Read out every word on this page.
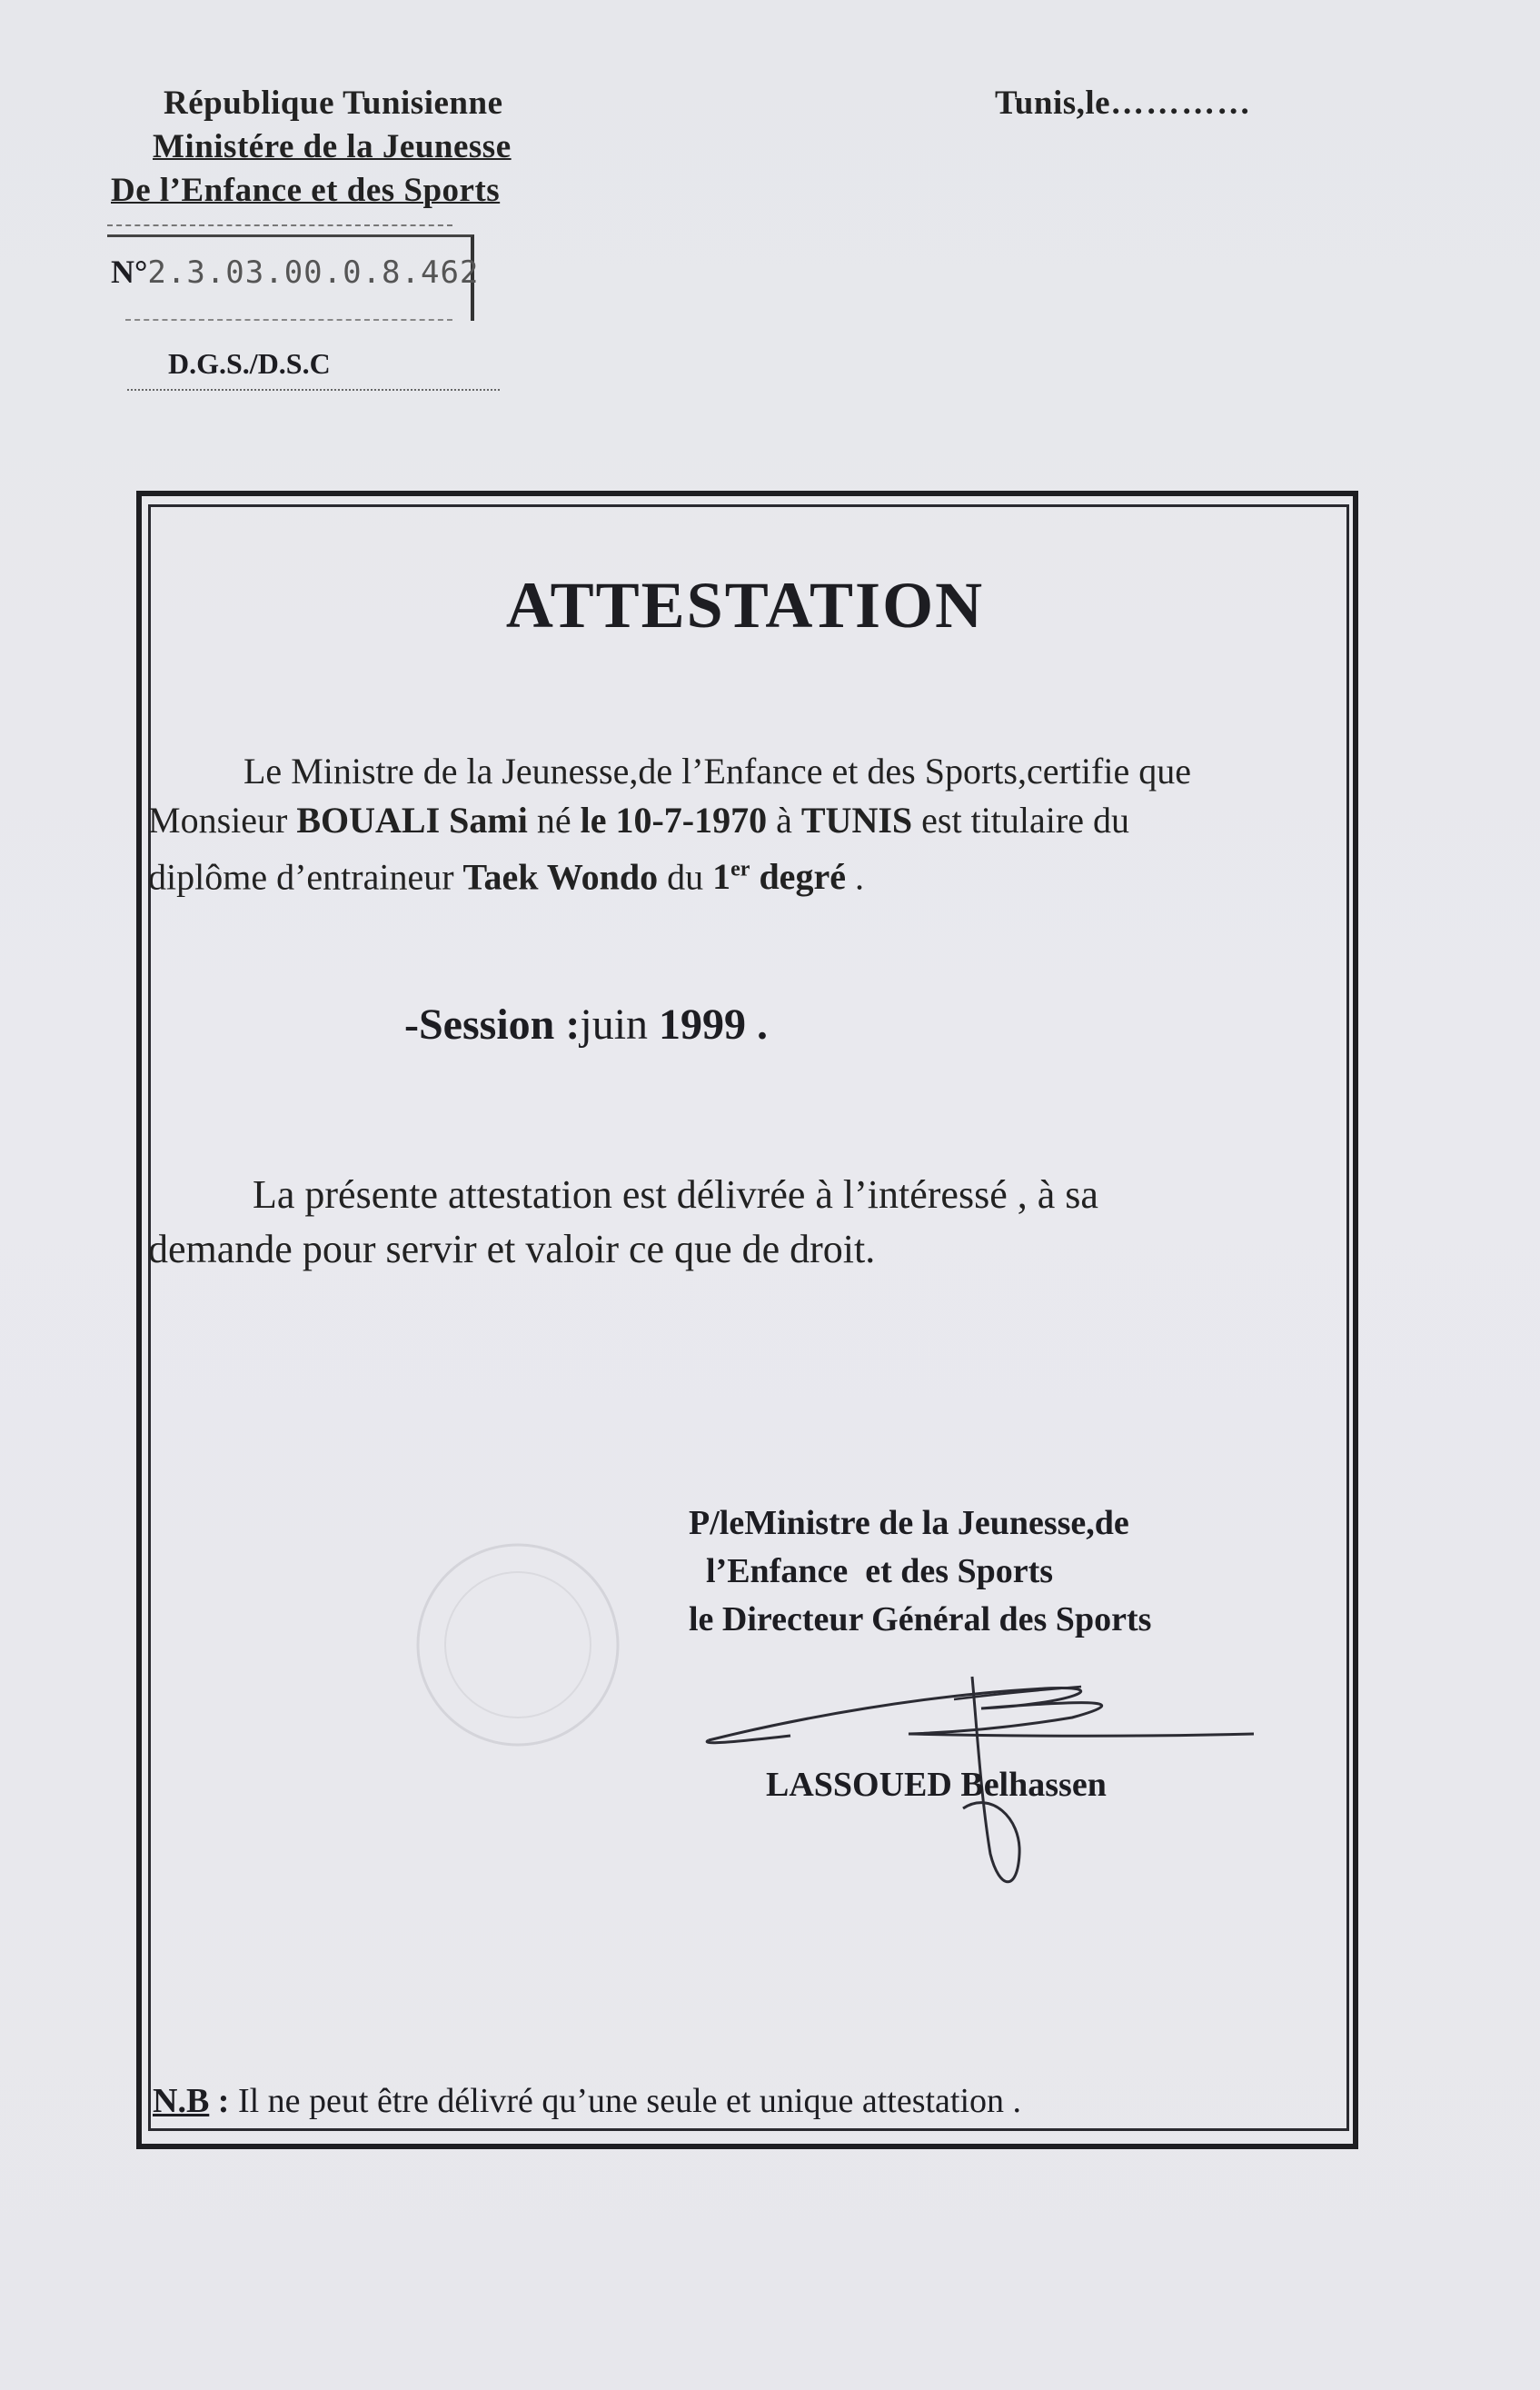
République Tunisienne
Ministére de la Jeunesse
De l’Enfance et des Sports
Tunis,le…………
N°2.3.03.00.0.8.462
D.G.S./D.S.C
ATTESTATION
Le Ministre de la Jeunesse,de l’Enfance et des Sports,certifie que
Monsieur BOUALI Sami né le 10-7-1970 à TUNIS est titulaire du
diplôme d’entraineur Taek Wondo du 1er degré .
-Session :juin 1999 .
La présente attestation est délivrée à l’intéressé , à sa
demande pour servir et valoir ce que de droit.
P/leMinistre de la Jeunesse,de
l’Enfance  et des Sports
le Directeur Général des Sports
LASSOUED Belhassen
N.B : Il ne peut être délivré qu’une seule et unique attestation .
